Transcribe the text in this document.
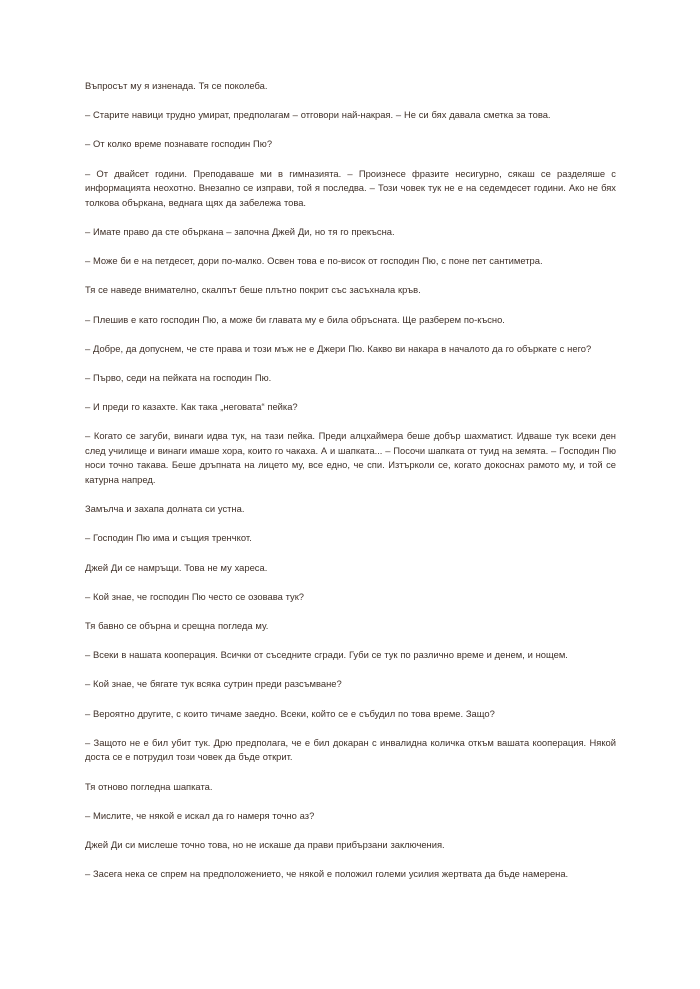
Въпросът му я изненада. Тя се поколеба.

– Старите навици трудно умират, предполагам – отговори най-накрая. – Не си бях давала сметка за това.

– От колко време познавате господин Пю?

– От двайсет години. Преподаваше ми в гимназията. – Произнесе фразите несигурно, сякаш се разделяше с информацията неохотно. Внезапно се изправи, той я последва. – Този човек тук не е на седемдесет години. Ако не бях толкова объркана, веднага щях да забележа това.

– Имате право да сте объркана – започна Джей Ди, но тя го прекъсна.

– Може би е на петдесет, дори по-малко. Освен това е по-висок от господин Пю, с поне пет сантиметра.

Тя се наведе внимателно, скалпът беше плътно покрит със засъхнала кръв.

– Плешив е като господин Пю, а може би главата му е била обръсната. Ще разберем по-късно.

– Добре, да допуснем, че сте права и този мъж не е Джери Пю. Какво ви накара в началото да го объркате с него?

– Първо, седи на пейката на господин Пю.

– И преди го казахте. Как така „неговата“ пейка?

– Когато се загуби, винаги идва тук, на тази пейка. Преди алцхаймера беше добър шахматист. Идваше тук всеки ден след училище и винаги имаше хора, които го чакаха. А и шапката... – Посочи шапката от туид на земята. – Господин Пю носи точно такава. Беше дръпната на лицето му, все едно, че спи. Изтъркoли се, когато докоснах рамото му, и той се катурна напред.

Замълча и захапа долната си устна.

– Господин Пю има и същия тренчкот.

Джей Ди се намръщи. Това не му хареса.

– Кой знае, че господин Пю често се озовава тук?

Тя бавно се обърна и срещна погледа му.

– Всеки в нашата кооперация. Всички от съседните сгради. Губи се тук по различно време и денем, и нощем.

– Кой знае, че бягате тук всяка сутрин преди разсъмване?

– Вероятно другите, с които тичаме заедно. Всеки, който се е събудил по това време. Защо?

– Защото не е бил убит тук. Дрю предполага, че е бил докаран с инвалидна количка откъм вашата кооперация. Някой доста се е потрудил този човек да бъде открит.

Тя отново погледна шапката.

– Мислите, че някой е искал да го намеря точно аз?

Джей Ди си мислеше точно това, но не искаше да прави прибързани заключения.

– Засега нека се спрем на предположението, че някой е положил големи усилия жертвата да бъде намерена.
